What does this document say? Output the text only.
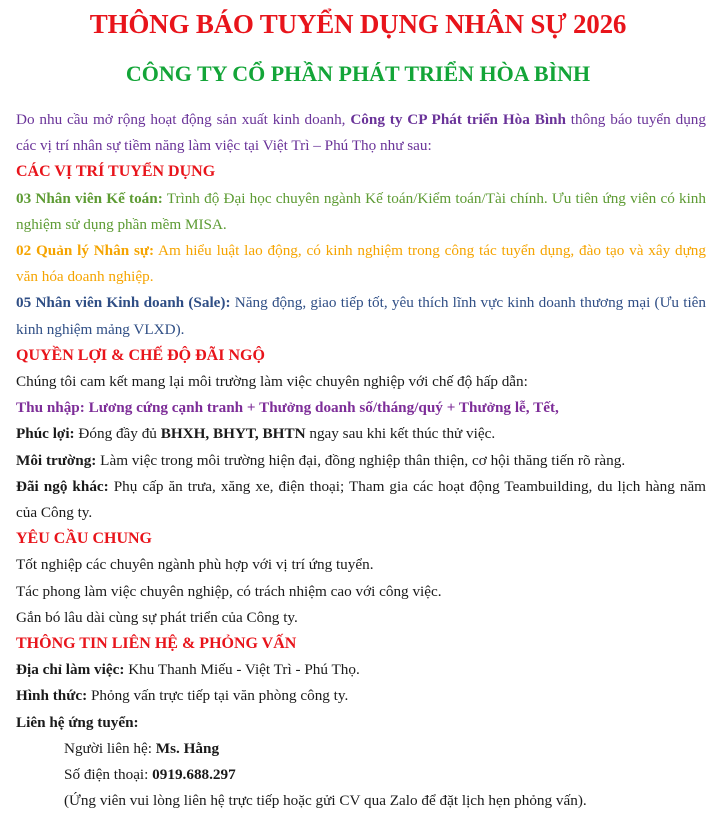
THÔNG BÁO TUYỂN DỤNG NHÂN SỰ 2026
CÔNG TY CỔ PHẦN PHÁT TRIỂN HÒA BÌNH

Do nhu cầu mở rộng hoạt động sản xuất kinh doanh, Công ty CP Phát triển Hòa Bình thông báo tuyển dụng các vị trí nhân sự tiềm năng làm việc tại Việt Trì – Phú Thọ như sau:

CÁC VỊ TRÍ TUYỂN DỤNG

03 Nhân viên Kế toán: Trình độ Đại học chuyên ngành Kế toán/Kiểm toán/Tài chính. Ưu tiên ứng viên có kinh nghiệm sử dụng phần mềm MISA.

02 Quản lý Nhân sự: Am hiểu luật lao động, có kinh nghiệm trong công tác tuyển dụng, đào tạo và xây dựng văn hóa doanh nghiệp.

05 Nhân viên Kinh doanh (Sale): Năng động, giao tiếp tốt, yêu thích lĩnh vực kinh doanh thương mại (Ưu tiên kinh nghiệm mảng VLXD).

QUYỀN LỢI & CHẾ ĐỘ ĐÃI NGỘ

Chúng tôi cam kết mang lại môi trường làm việc chuyên nghiệp với chế độ hấp dẫn:

Thu nhập: Lương cứng cạnh tranh + Thưởng doanh số/tháng/quý + Thưởng lễ, Tết,

Phúc lợi: Đóng đầy đủ BHXH, BHYT, BHTN ngay sau khi kết thúc thử việc.

Môi trường: Làm việc trong môi trường hiện đại, đồng nghiệp thân thiện, cơ hội thăng tiến rõ ràng.

Đãi ngộ khác: Phụ cấp ăn trưa, xăng xe, điện thoại; Tham gia các hoạt động Teambuilding, du lịch hàng năm của Công ty.

YÊU CẦU CHUNG

Tốt nghiệp các chuyên ngành phù hợp với vị trí ứng tuyển.

Tác phong làm việc chuyên nghiệp, có trách nhiệm cao với công việc.

Gắn bó lâu dài cùng sự phát triển của Công ty.

THÔNG TIN LIÊN HỆ & PHỎNG VẤN

Địa chỉ làm việc: Khu Thanh Miếu - Việt Trì - Phú Thọ.

Hình thức: Phỏng vấn trực tiếp tại văn phòng công ty.

Liên hệ ứng tuyển:

Người liên hệ: Ms. Hằng

Số điện thoại: 0919.688.297

(Ứng viên vui lòng liên hệ trực tiếp hoặc gửi CV qua Zalo để đặt lịch hẹn phỏng vấn).
